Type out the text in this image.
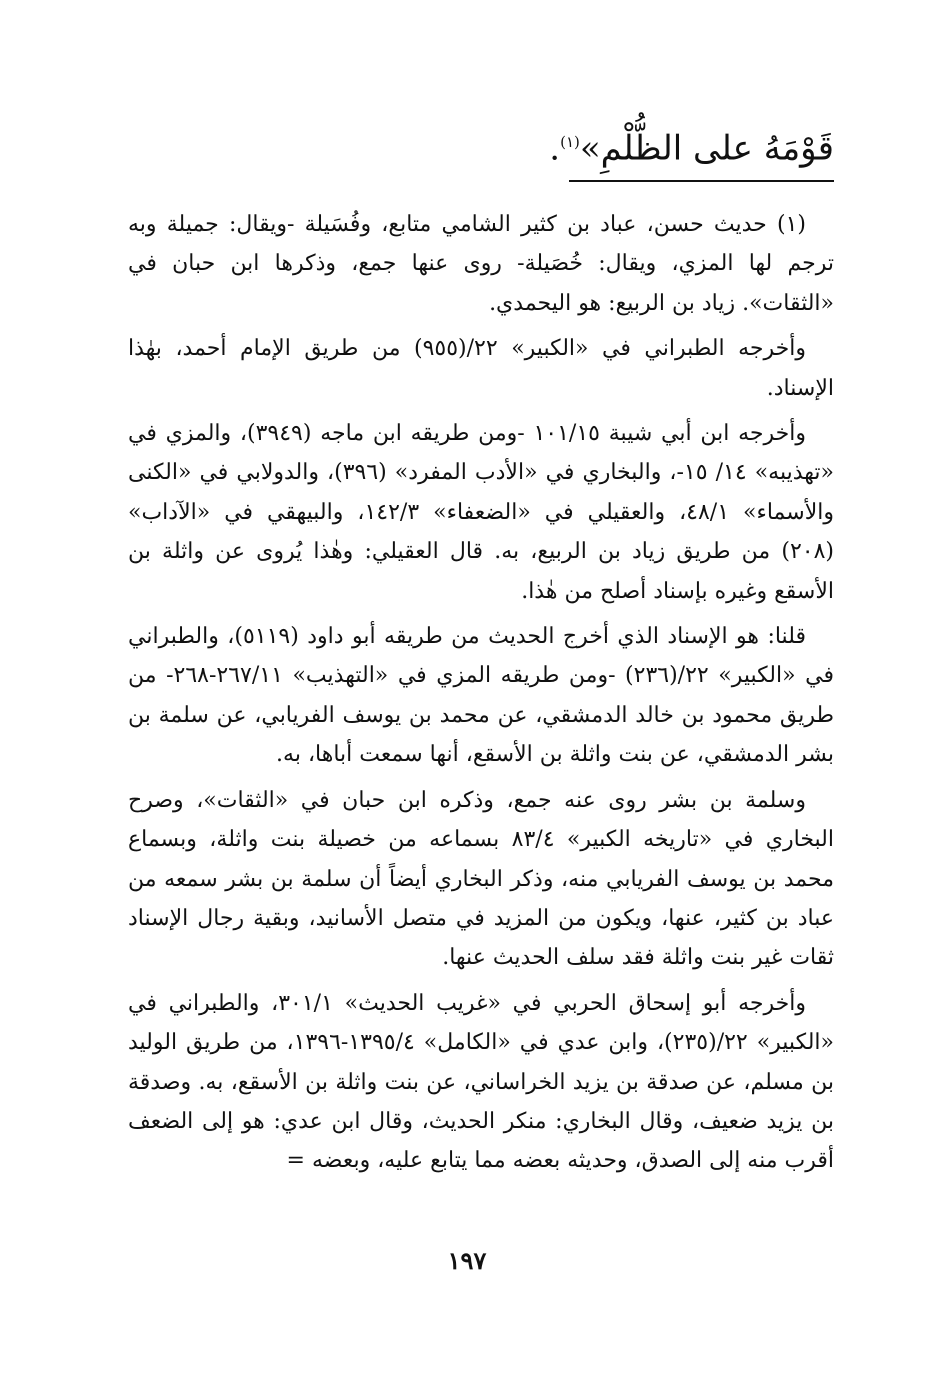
قَوْمَهُ على الظُّلْمِ»$^{(١)}$.

(١) حديث حسن، عباد بن كثير الشامي متابع، وفُسَيلة -ويقال: جميلة وبه ترجم لها المزي، ويقال: خُصَيلة- روى عنها جمع، وذكرها ابن حبان في «الثقات». زياد بن الربيع: هو اليحمدي.

وأخرجه الطبراني في «الكبير» ٢٢/(٩٥٥) من طريق الإمام أحمد، بهٰذا الإسناد.

وأخرجه ابن أبي شيبة ١٠١/١٥ -ومن طريقه ابن ماجه (٣٩٤٩)، والمزي في «تهذيبه» ١٤/ ١٥-، والبخاري في «الأدب المفرد» (٣٩٦)، والدولابي في «الكنى والأسماء» ٤٨/١، والعقيلي في «الضعفاء» ١٤٢/٣، والبيهقي في «الآداب» (٢٠٨) من طريق زياد بن الربيع، به. قال العقيلي: وهٰذا يُروى عن واثلة بن الأسقع وغيره بإسناد أصلح من هٰذا.

قلنا: هو الإسناد الذي أخرج الحديث من طريقه أبو داود (٥١١٩)، والطبراني في «الكبير» ٢٢/(٢٣٦) -ومن طريقه المزي في «التهذيب» ٢٦٧/١١-٢٦٨- من طريق محمود بن خالد الدمشقي، عن محمد بن يوسف الفريابي، عن سلمة بن بشر الدمشقي، عن بنت واثلة بن الأسقع، أنها سمعت أباها، به.

وسلمة بن بشر روى عنه جمع، وذكره ابن حبان في «الثقات»، وصرح البخاري في «تاريخه الكبير» ٨٣/٤ بسماعه من خصيلة بنت واثلة، وبسماع محمد بن يوسف الفريابي منه، وذكر البخاري أيضاً أن سلمة بن بشر سمعه من عباد بن كثير، عنها، ويكون من المزيد في متصل الأسانيد، وبقية رجال الإسناد ثقات غير بنت واثلة فقد سلف الحديث عنها.

وأخرجه أبو إسحاق الحربي في «غريب الحديث» ٣٠١/١، والطبراني في «الكبير» ٢٢/(٢٣٥)، وابن عدي في «الكامل» ١٣٩٥/٤-١٣٩٦، من طريق الوليد بن مسلم، عن صدقة بن يزيد الخراساني، عن بنت واثلة بن الأسقع، به. وصدقة بن يزيد ضعيف، وقال البخاري: منكر الحديث، وقال ابن عدي: هو إلى الضعف أقرب منه إلى الصدق، وحديثه بعضه مما يتابع عليه، وبعضه =

١٩٧
